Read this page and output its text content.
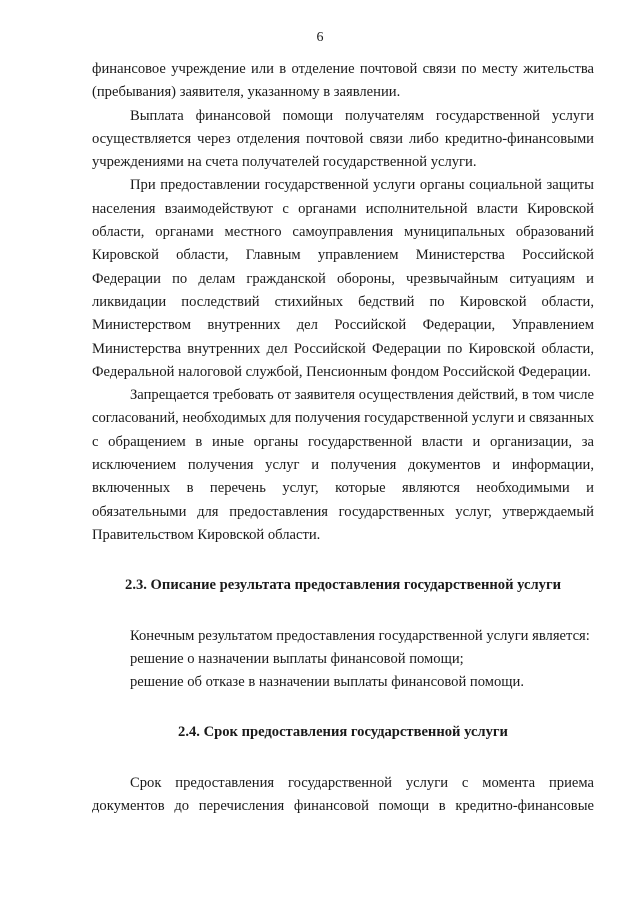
6

финансовое учреждение или в отделение почтовой связи по месту жительства (пребывания) заявителя, указанному в заявлении.

Выплата финансовой помощи получателям государственной услуги осуществляется через отделения почтовой связи либо кредитно-финансовыми учреждениями на счета получателей государственной услуги.

При предоставлении государственной услуги органы социальной защиты населения взаимодействуют с органами исполнительной власти Кировской области, органами местного самоуправления муниципальных образований Кировской области, Главным управлением Министерства Российской Федерации по делам гражданской обороны, чрезвычайным ситуациям и ликвидации последствий стихийных бедствий по Кировской области, Министерством внутренних дел Российской Федерации, Управлением Министерства внутренних дел Российской Федерации по Кировской области, Федеральной налоговой службой, Пенсионным фондом Российской Федерации.

Запрещается требовать от заявителя осуществления действий, в том числе согласований, необходимых для получения государственной услуги и связанных с обращением в иные органы государственной власти и организации, за исключением получения услуг и получения документов и информации, включенных в перечень услуг, которые являются необходимыми и обязательными для предоставления государственных услуг, утверждаемый Правительством Кировской области.

2.3. Описание результата предоставления государственной услуги

Конечным результатом предоставления государственной услуги является:

решение о назначении выплаты финансовой помощи;

решение об отказе в назначении выплаты финансовой помощи.

2.4. Срок предоставления государственной услуги

Срок предоставления государственной услуги с момента приема документов до перечисления финансовой помощи в кредитно-финансовые
